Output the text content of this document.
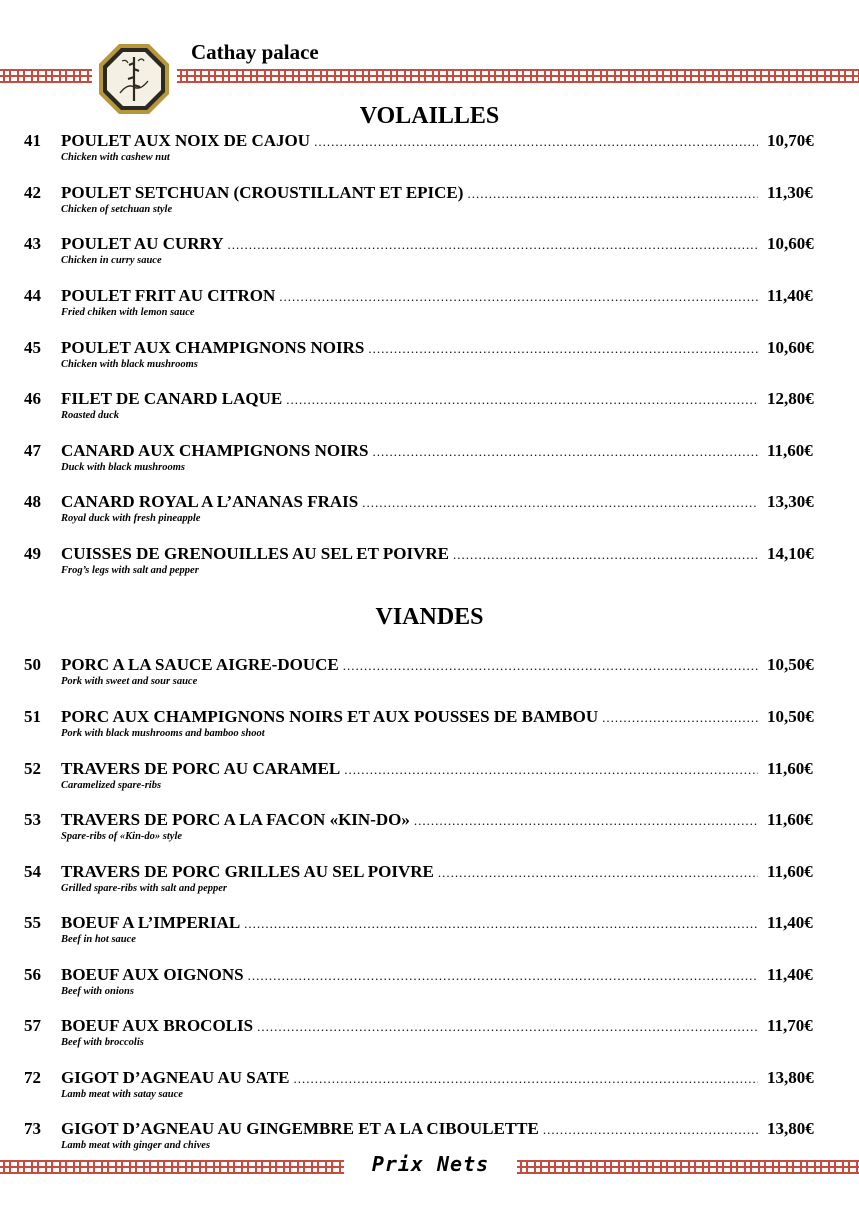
Cathay palace
VOLAILLES
41 POULET AUX NOIX DE CAJOU .....	10,70€
Chicken with cashew nut
42 POULET SETCHUAN (CROUSTILLANT ET EPICE) .....	11,30€
Chicken of setchuan style
43 POULET AU CURRY .....	10,60€
Chicken in curry sauce
44 POULET FRIT AU CITRON .....	11,40€
Fried chiken with lemon sauce
45 POULET AUX CHAMPIGNONS NOIRS .....	10,60€
Chicken with black mushrooms
46 FILET DE CANARD LAQUE .....	12,80€
Roasted duck
47 CANARD AUX CHAMPIGNONS NOIRS .....	11,60€
Duck with black mushrooms
48 CANARD ROYAL A L’ANANAS FRAIS .....	13,30€
Royal duck with fresh pineapple
49 CUISSES DE GRENOUILLES AU SEL ET POIVRE .....	14,10€
Frog’s legs with salt and pepper
VIANDES
50 PORC A LA SAUCE AIGRE-DOUCE .....	10,50€
Pork with sweet and sour sauce
51 PORC AUX CHAMPIGNONS NOIRS ET AUX POUSSES DE BAMBOU .....	10,50€
Pork with black mushrooms and bamboo shoot
52 TRAVERS DE PORC AU CARAMEL .....	11,60€
Caramelized spare-ribs
53 TRAVERS DE PORC A LA FACON «KIN-DO» .....	11,60€
Spare-ribs of «Kin-do» style
54 TRAVERS DE PORC GRILLES AU SEL POIVRE .....	11,60€
Grilled spare-ribs with salt and pepper
55 BOEUF A L’IMPERIAL .....	11,40€
Beef in hot sauce
56 BOEUF AUX OIGNONS .....	11,40€
Beef with onions
57 BOEUF AUX BROCOLIS .....	11,70€
Beef with broccolis
72 GIGOT D’AGNEAU AU SATE .....	13,80€
Lamb meat with satay sauce
73 GIGOT D’AGNEAU AU GINGEMBRE ET A LA CIBOULETTE .....	13,80€
Lamb meat with ginger and chives
Prix Nets
